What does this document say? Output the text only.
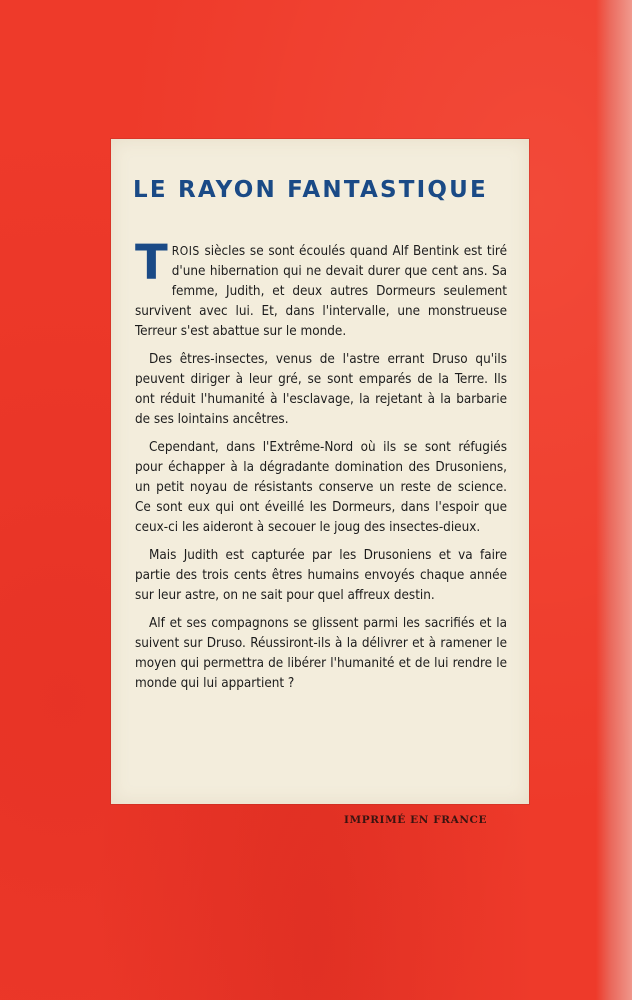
LE RAYON FANTASTIQUE

TROIS siècles se sont écoulés quand Alf Bentink est tiré d'une hibernation qui ne devait durer que cent ans. Sa femme, Judith, et deux autres Dormeurs seulement survivent avec lui. Et, dans l'intervalle, une monstrueuse Terreur s'est abattue sur le monde.

Des êtres-insectes, venus de l'astre errant Druso qu'ils peuvent diriger à leur gré, se sont emparés de la Terre. Ils ont réduit l'humanité à l'esclavage, la rejetant à la barbarie de ses lointains ancêtres.

Cependant, dans l'Extrême-Nord où ils se sont réfugiés pour échapper à la dégradante domination des Drusoniens, un petit noyau de résistants conserve un reste de science. Ce sont eux qui ont éveillé les Dormeurs, dans l'espoir que ceux-ci les aideront à secouer le joug des insectes-dieux.

Mais Judith est capturée par les Drusoniens et va faire partie des trois cents êtres humains envoyés chaque année sur leur astre, on ne sait pour quel affreux destin.

Alf et ses compagnons se glissent parmi les sacrifiés et la suivent sur Druso. Réussiront-ils à la délivrer et à ramener le moyen qui permettra de libérer l'humanité et de lui rendre le monde qui lui appartient ?

IMPRIMÉ EN FRANCE
